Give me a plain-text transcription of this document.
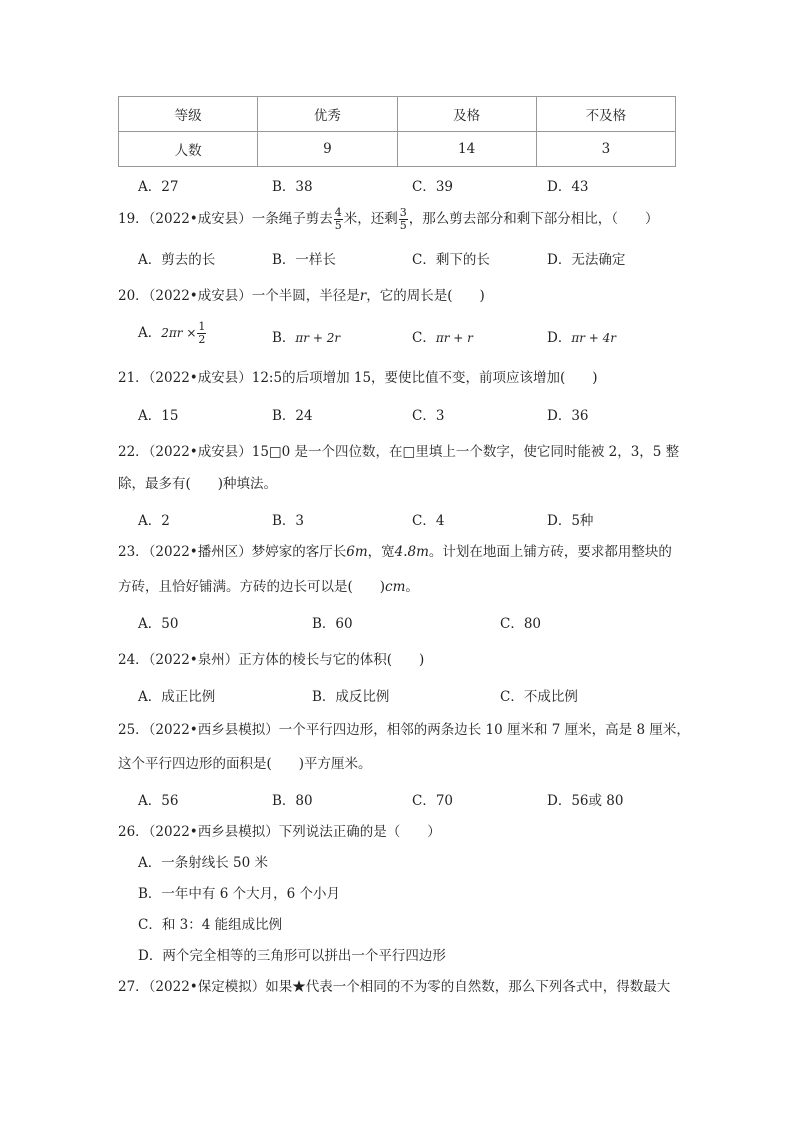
等级	优秀	及格	不及格
人数	9	14	3
A．27	B．38	C．39	D．43
19．（2022•成安县）一条绳子剪去 $\frac{4}{5}$ 米，还剩 $\frac{3}{5}$ ，那么剪去部分和剩下部分相比，（　　）
A．剪去的长	B．一样长	C．剩下的长	D．无法确定
20．（2022•成安县）一个半圆，半径是r，它的周长是(　　)
A．$2\pi r \times \frac{1}{2}$	B．πr + 2r	C．πr + r	D．πr + 4r
21．（2022•成安县）12:5的后项增加 15，要使比值不变，前项应该增加(　　)
A．15	B．24	C．3	D．36
22．（2022•成安县）15□0 是一个四位数，在□里填上一个数字，使它同时能被 2，3，5 整
除，最多有(　　)种填法。
A．2	B．3	C．4	D．5种
23．（2022•播州区）梦婷家的客厅长6m，宽4.8m。计划在地面上铺方砖，要求都用整块的
方砖，且恰好铺满。方砖的边长可以是(　　)cm。
A．50	B．60	C．80
24．（2022•泉州）正方体的棱长与它的体积(　　)
A．成正比例	B．成反比例	C．不成比例
25．（2022•西乡县模拟）一个平行四边形，相邻的两条边长 10 厘米和 7 厘米，高是 8 厘米，
这个平行四边形的面积是(　　)平方厘米。
A．56	B．80	C．70	D．56或 80
26．（2022•西乡县模拟）下列说法正确的是（　　）
A．一条射线长 50 米
B．一年中有 6 个大月，6 个小月
C．和 3：4 能组成比例
D．两个完全相等的三角形可以拼出一个平行四边形
27．（2022•保定模拟）如果★代表一个相同的不为零的自然数，那么下列各式中，得数最大
